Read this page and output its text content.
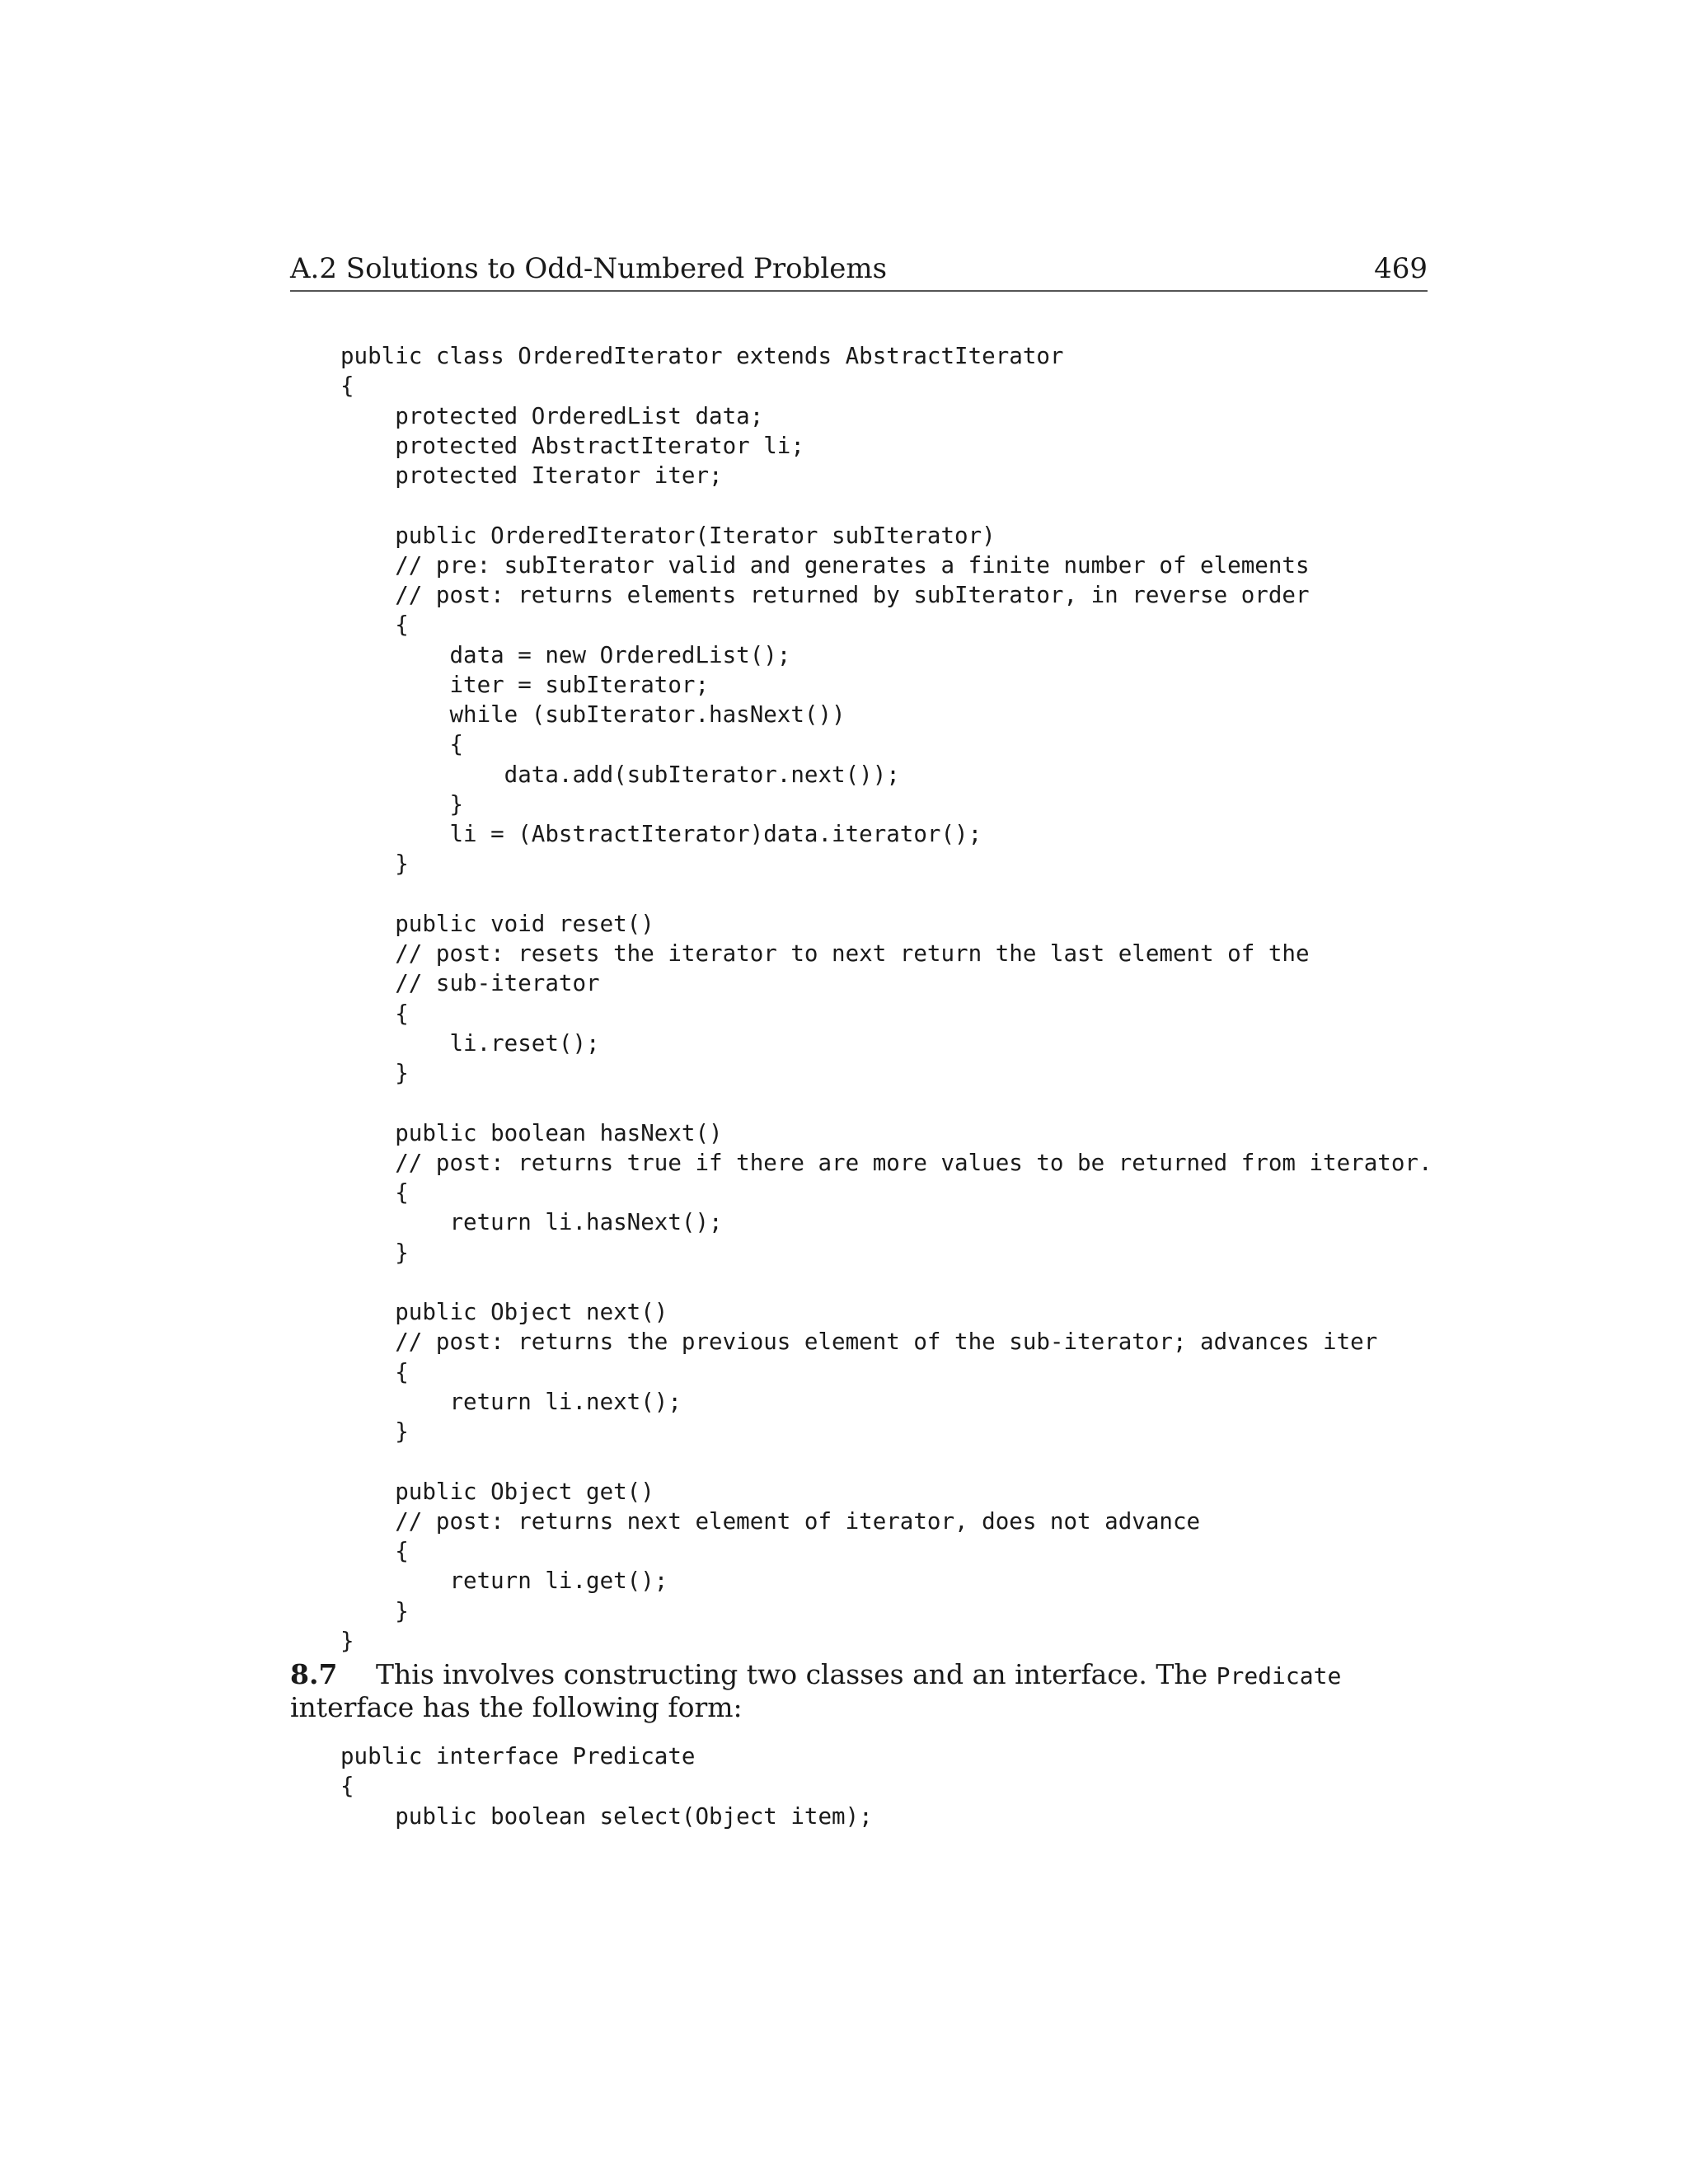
A.2 Solutions to Odd-Numbered Problems	469
public class OrderedIterator extends AbstractIterator
{
protected OrderedList data;
protected AbstractIterator li;
protected Iterator iter;

public OrderedIterator(Iterator subIterator)
// pre: subIterator valid and generates a finite number of elements
// post: returns elements returned by subIterator, in reverse order
{
data = new OrderedList();
iter = subIterator;
while (subIterator.hasNext())
{
data.add(subIterator.next());
}
li = (AbstractIterator)data.iterator();
}

public void reset()
// post: resets the iterator to next return the last element of the
// sub-iterator
{
li.reset();
}

public boolean hasNext()
// post: returns true if there are more values to be returned from iterator.
{
return li.hasNext();
}

public Object next()
// post: returns the previous element of the sub-iterator; advances iter
{
return li.next();
}

public Object get()
// post: returns next element of iterator, does not advance
{
return li.get();
}
}
8.7 This involves constructing two classes and an interface. The Predicate
interface has the following form:
public interface Predicate
{
public boolean select(Object item);
